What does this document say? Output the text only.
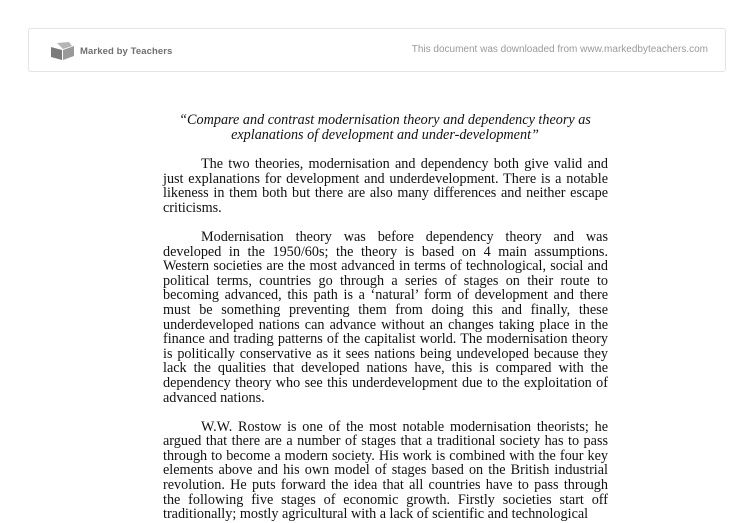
Marked by Teachers	This document was downloaded from www.markedbyteachers.com
“Compare and contrast modernisation theory and dependency theory as
explanations of development and under-development”

The two theories, modernisation and dependency both give valid and just explanations for development and underdevelopment. There is a notable likeness in them both but there are also many differences and neither escape criticisms.

Modernisation theory was before dependency theory and was developed in the 1950/60s; the theory is based on 4 main assumptions. Western societies are the most advanced in terms of technological, social and political terms, countries go through a series of stages on their route to becoming advanced, this path is a ‘natural’ form of development and there must be something preventing them from doing this and finally, these underdeveloped nations can advance without an changes taking place in the finance and trading patterns of the capitalist world. The modernisation theory is politically conservative as it sees nations being undeveloped because they lack the qualities that developed nations have, this is compared with the dependency theory who see this underdevelopment due to the exploitation of advanced nations.

W.W. Rostow is one of the most notable modernisation theorists; he argued that there are a number of stages that a traditional society has to pass through to become a modern society. His work is combined with the four key elements above and his own model of stages based on the British industrial revolution. He puts forward the idea that all countries have to pass through the following five stages of economic growth. Firstly societies start off traditionally; mostly agricultural with a lack of scientific and technological
